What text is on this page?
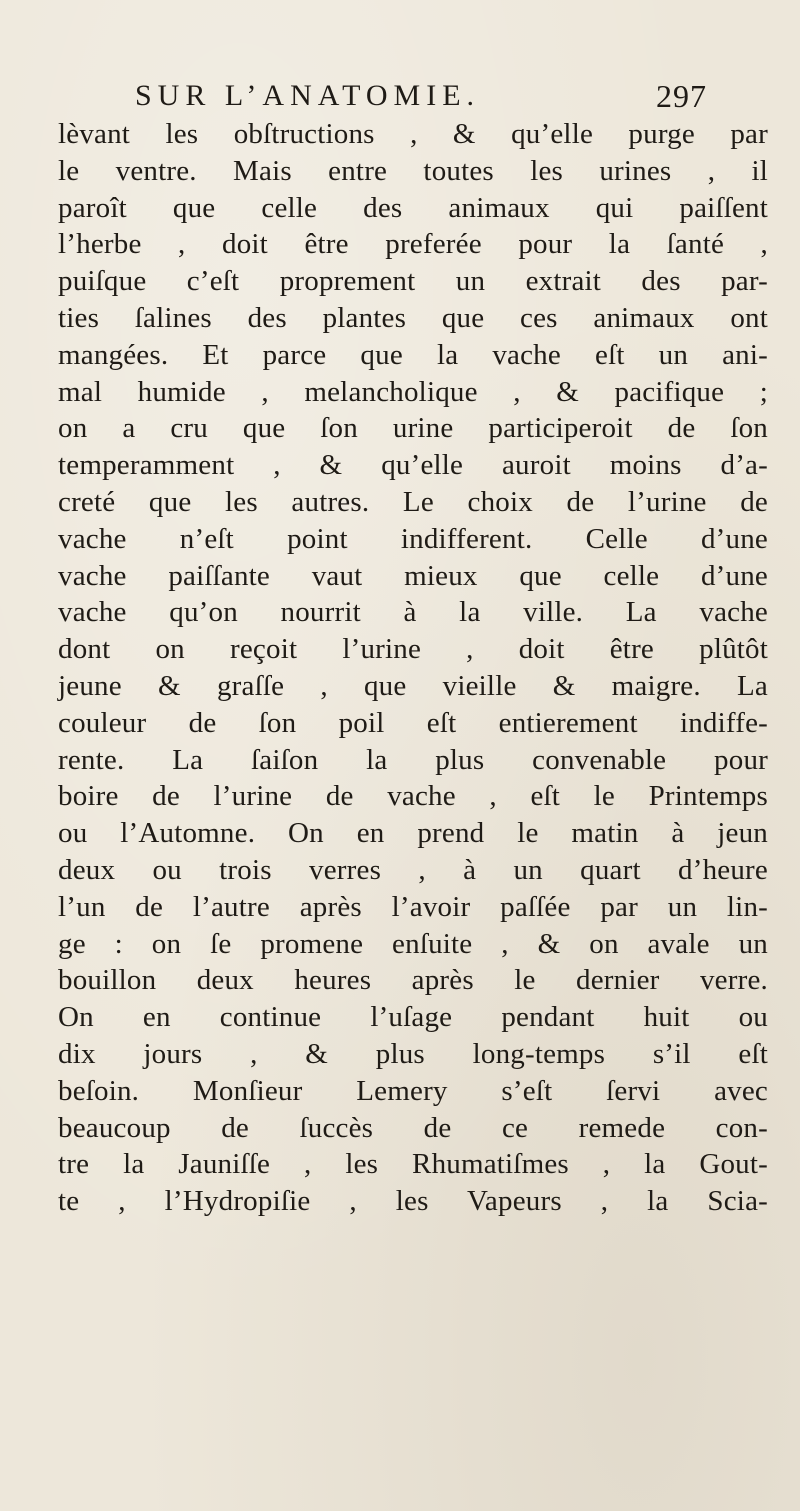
SUR L’ANATOMIE.	297
lèvant les obſtructions , & qu’elle purge par
le ventre. Mais entre toutes les urines , il
paroît que celle des animaux qui paiſſent
l’herbe , doit être preferée pour la ſanté ,
puiſque c’eſt proprement un extrait des par-
ties ſalines des plantes que ces animaux ont
mangées. Et parce que la vache eſt un ani-
mal humide , melancholique , & pacifique ;
on a cru que ſon urine participeroit de ſon
temperamment , & qu’elle auroit moins d’a-
creté que les autres. Le choix de l’urine de
vache n’eſt point indifferent. Celle d’une
vache paiſſante vaut mieux que celle d’une
vache qu’on nourrit à la ville. La vache
dont on reçoit l’urine , doit être plûtôt
jeune & graſſe , que vieille & maigre. La
couleur de ſon poil eſt entierement indiffe-
rente. La ſaiſon la plus convenable pour
boire de l’urine de vache , eſt le Printemps
ou l’Automne. On en prend le matin à jeun
deux ou trois verres , à un quart d’heure
l’un de l’autre après l’avoir paſſée par un lin-
ge : on ſe promene enſuite , & on avale un
bouillon deux heures après le dernier verre.
On en continue l’uſage pendant huit ou
dix jours , & plus long-temps s’il eſt
beſoin. Monſieur Lemery s’eſt ſervi avec
beaucoup de ſuccès de ce remede con-
tre la Jauniſſe , les Rhumatiſmes , la Gout-
te , l’Hydropiſie , les Vapeurs , la Scia-
